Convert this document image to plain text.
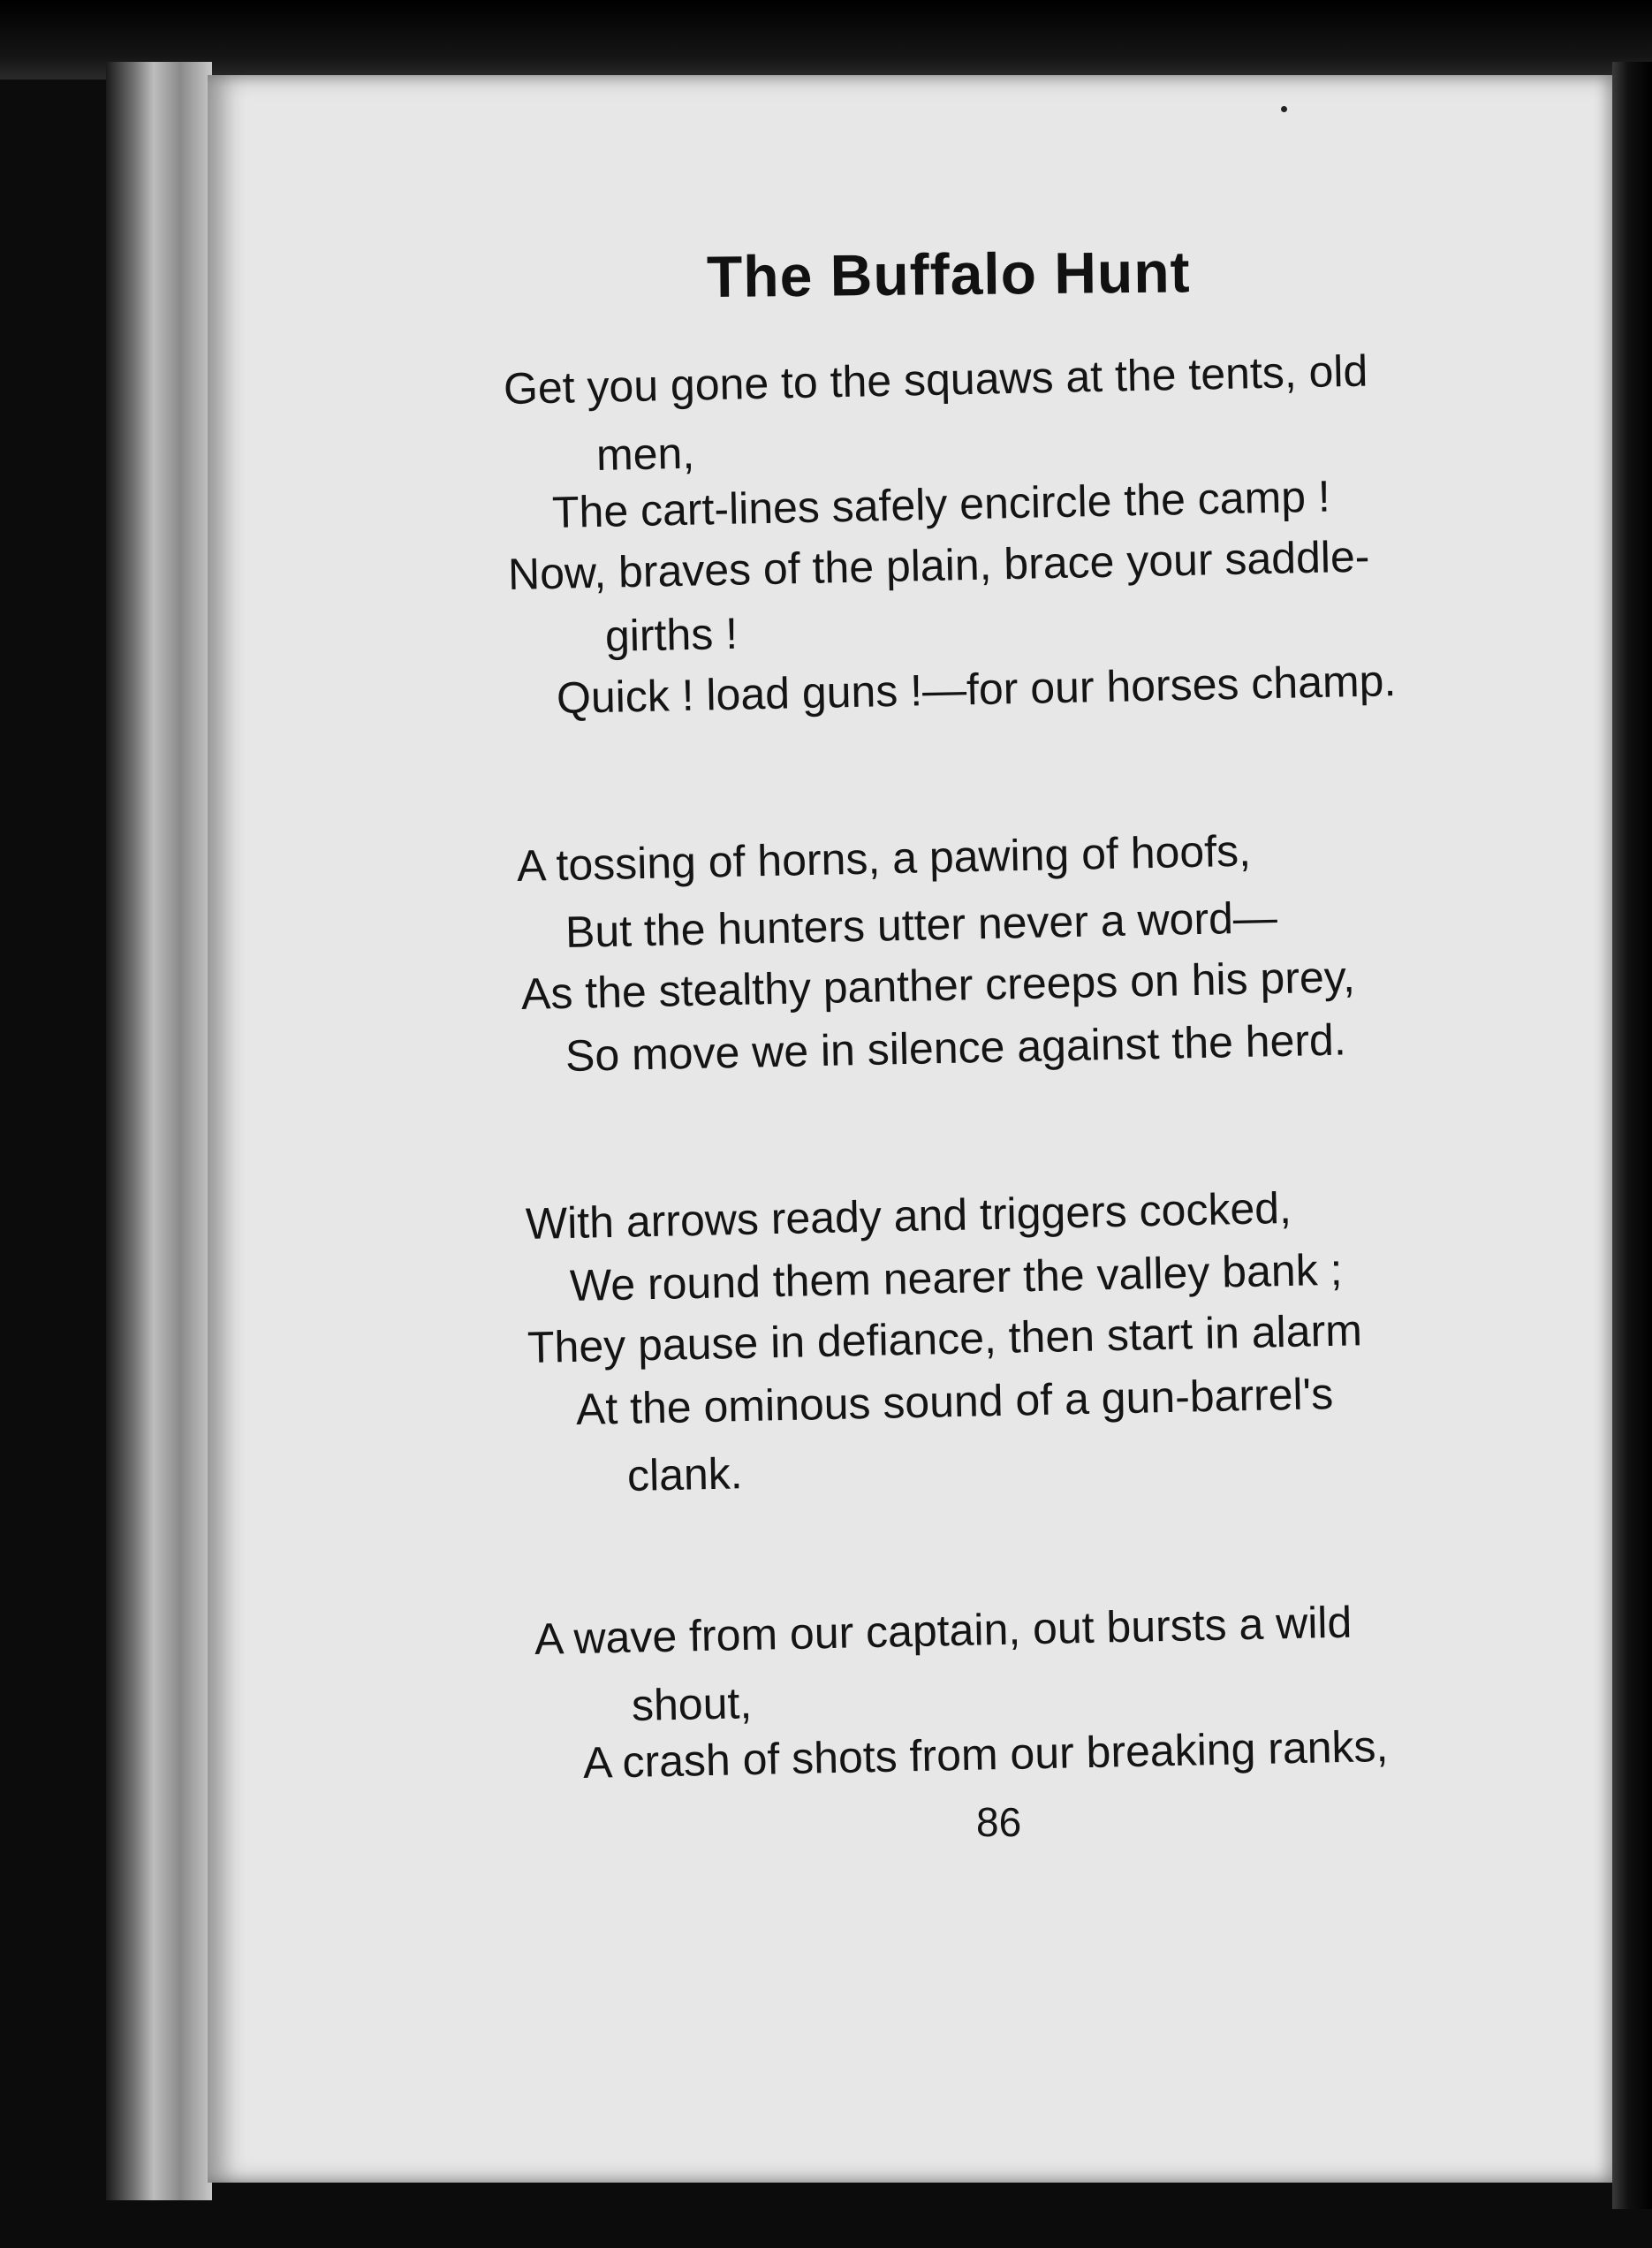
The Buffalo Hunt
Get you gone to the squaws at the tents, old
men,
The cart-lines safely encircle the camp !
Now, braves of the plain, brace your saddle-
girths !
Quick ! load guns !—for our horses champ.
A tossing of horns, a pawing of hoofs,
But the hunters utter never a word—
As the stealthy panther creeps on his prey,
So move we in silence against the herd.
With arrows ready and triggers cocked,
We round them nearer the valley bank ;
They pause in defiance, then start in alarm
At the ominous sound of a gun-barrel's
clank.
A wave from our captain, out bursts a wild
shout,
A crash of shots from our breaking ranks,
86
